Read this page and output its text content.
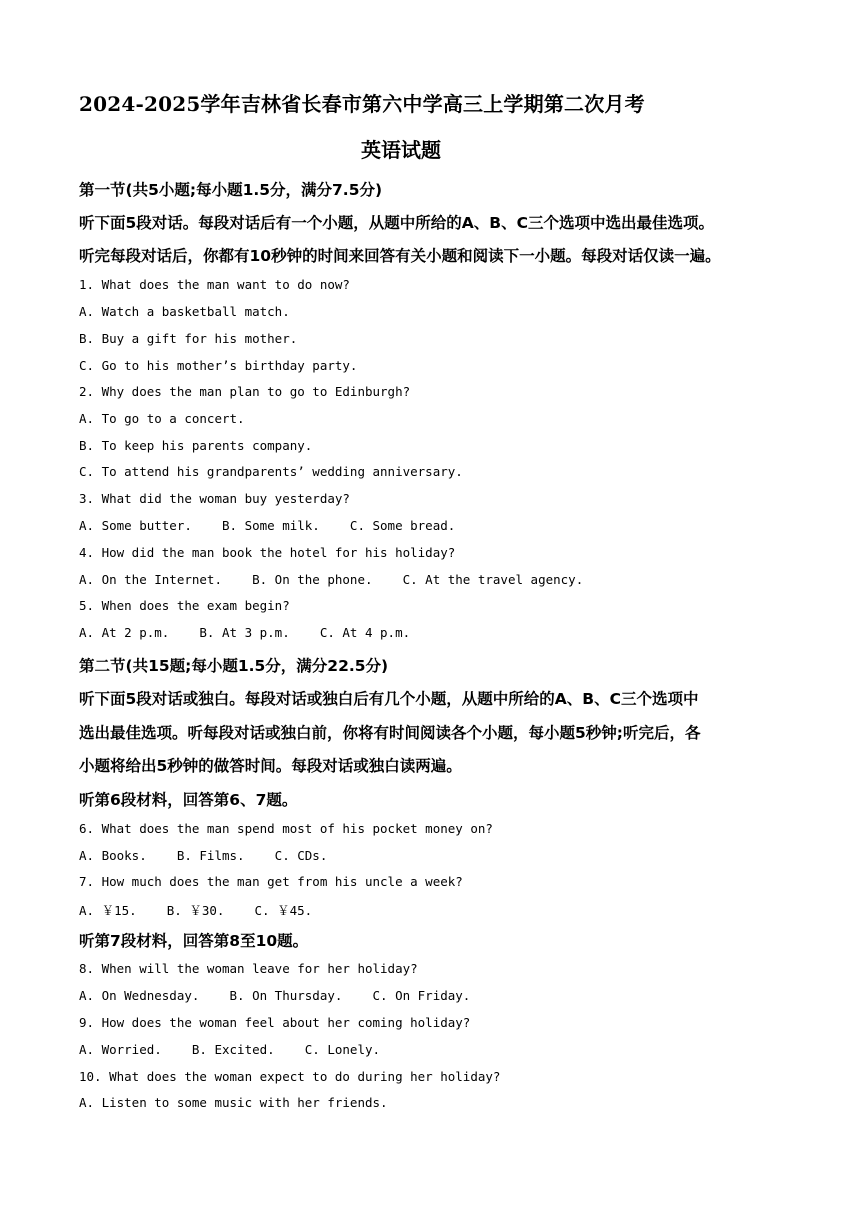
2024-2025学年吉林省长春市第六中学高三上学期第二次月考
英语试题
第一节(共5小题;每小题1.5分，满分7.5分)
听下面5段对话。每段对话后有一个小题，从题中所给的A、B、C三个选项中选出最佳选项。
听完每段对话后，你都有10秒钟的时间来回答有关小题和阅读下一小题。每段对话仅读一遍。
1. What does the man want to do now?
A. Watch a basketball match.
B. Buy a gift for his mother.
C. Go to his mother’s birthday party.
2. Why does the man plan to go to Edinburgh?
A. To go to a concert.
B. To keep his parents company.
C. To attend his grandparents’ wedding anniversary.
3. What did the woman buy yesterday?
A. Some butter.    B. Some milk.    C. Some bread.
4. How did the man book the hotel for his holiday?
A. On the Internet.    B. On the phone.    C. At the travel agency.
5. When does the exam begin?
A. At 2 p.m.    B. At 3 p.m.    C. At 4 p.m.
第二节(共15题;每小题1.5分，满分22.5分)
听下面5段对话或独白。每段对话或独白后有几个小题，从题中所给的A、B、C三个选项中
选出最佳选项。听每段对话或独白前，你将有时间阅读各个小题，每小题5秒钟;听完后，各
小题将给出5秒钟的做答时间。每段对话或独白读两遍。
听第6段材料，回答第6、7题。
6. What does the man spend most of his pocket money on?
A. Books.    B. Films.    C. CDs.
7. How much does the man get from his uncle a week?
A. ￥15.    B. ￥30.    C. ￥45.
听第7段材料，回答第8至10题。
8. When will the woman leave for her holiday?
A. On Wednesday.    B. On Thursday.    C. On Friday.
9. How does the woman feel about her coming holiday?
A. Worried.    B. Excited.    C. Lonely.
10. What does the woman expect to do during her holiday?
A. Listen to some music with her friends.
